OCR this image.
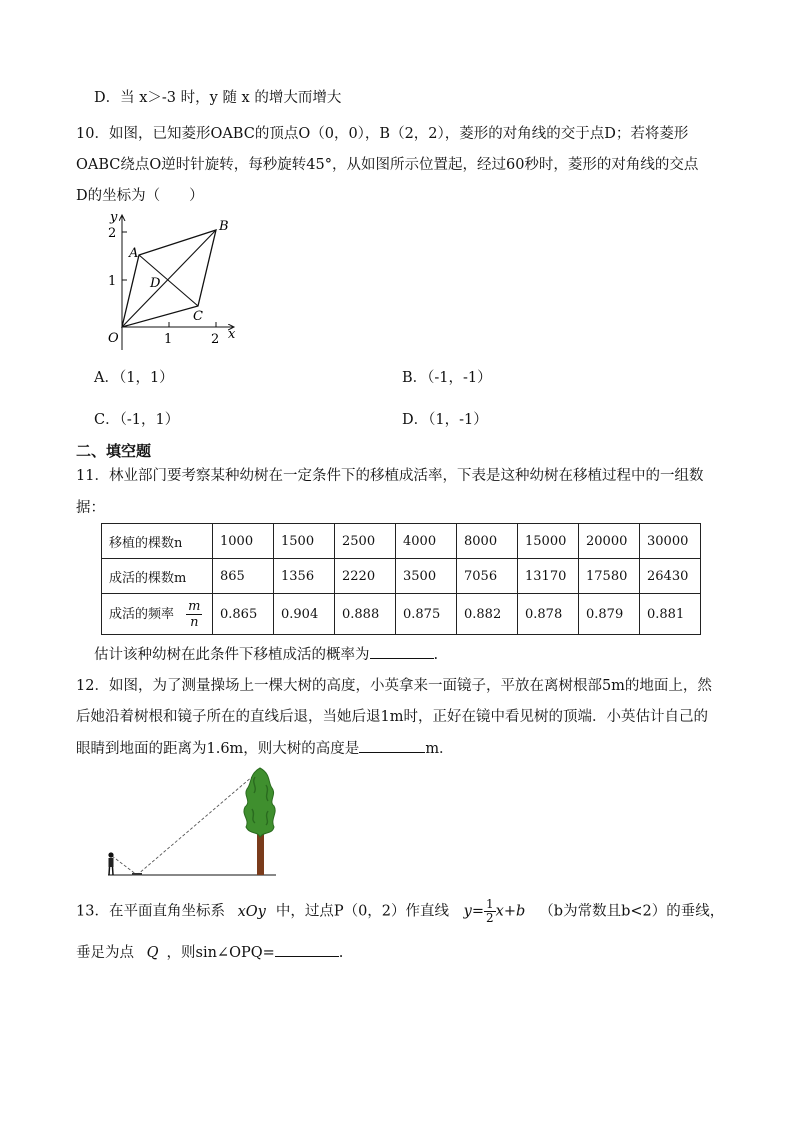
D．当 x＞-3 时，y 随 x 的增大而增大
10．如图，已知菱形OABC的顶点O（0，0），B（2，2），菱形的对角线的交于点D；若将菱形
OABC绕点O逆时针旋转，每秒旋转45°，从如图所示位置起，经过60秒时，菱形的对角线的交点
D的坐标为（　　）
y
x
O
A
B
C
D
1	2
1
2
A．（1，1）	B．（-1，-1）
C．（-1，1）	D．（1，-1）
二、填空题
11．林业部门要考察某种幼树在一定条件下的移植成活率，下表是这种幼树在移植过程中的一组数
据：
移植的棵数n	1000	1500	2500	4000	8000	15000	20000	30000
成活的棵数m	865	1356	2220	3500	7056	13170	17580	26430
成活的频率 $\frac{m}{n}$	0.865	0.904	0.888	0.875	0.882	0.878	0.879	0.881
估计该种幼树在此条件下移植成活的概率为	.
12．如图，为了测量操场上一棵大树的高度，小英拿来一面镜子，平放在离树根部5m的地面上，然
后她沿着树根和镜子所在的直线后退，当她后退1m时，正好在镜中看见树的顶端．小英估计自己的
眼睛到地面的距离为1.6m，则大树的高度是	m．
13．在平面直角坐标系 xOy 中，过点P（0，2）作直线 $y= \frac{1}{2} x+b$ （b为常数且b<2）的垂线，
垂足为点 Q ，则sin∠OPQ=	.
